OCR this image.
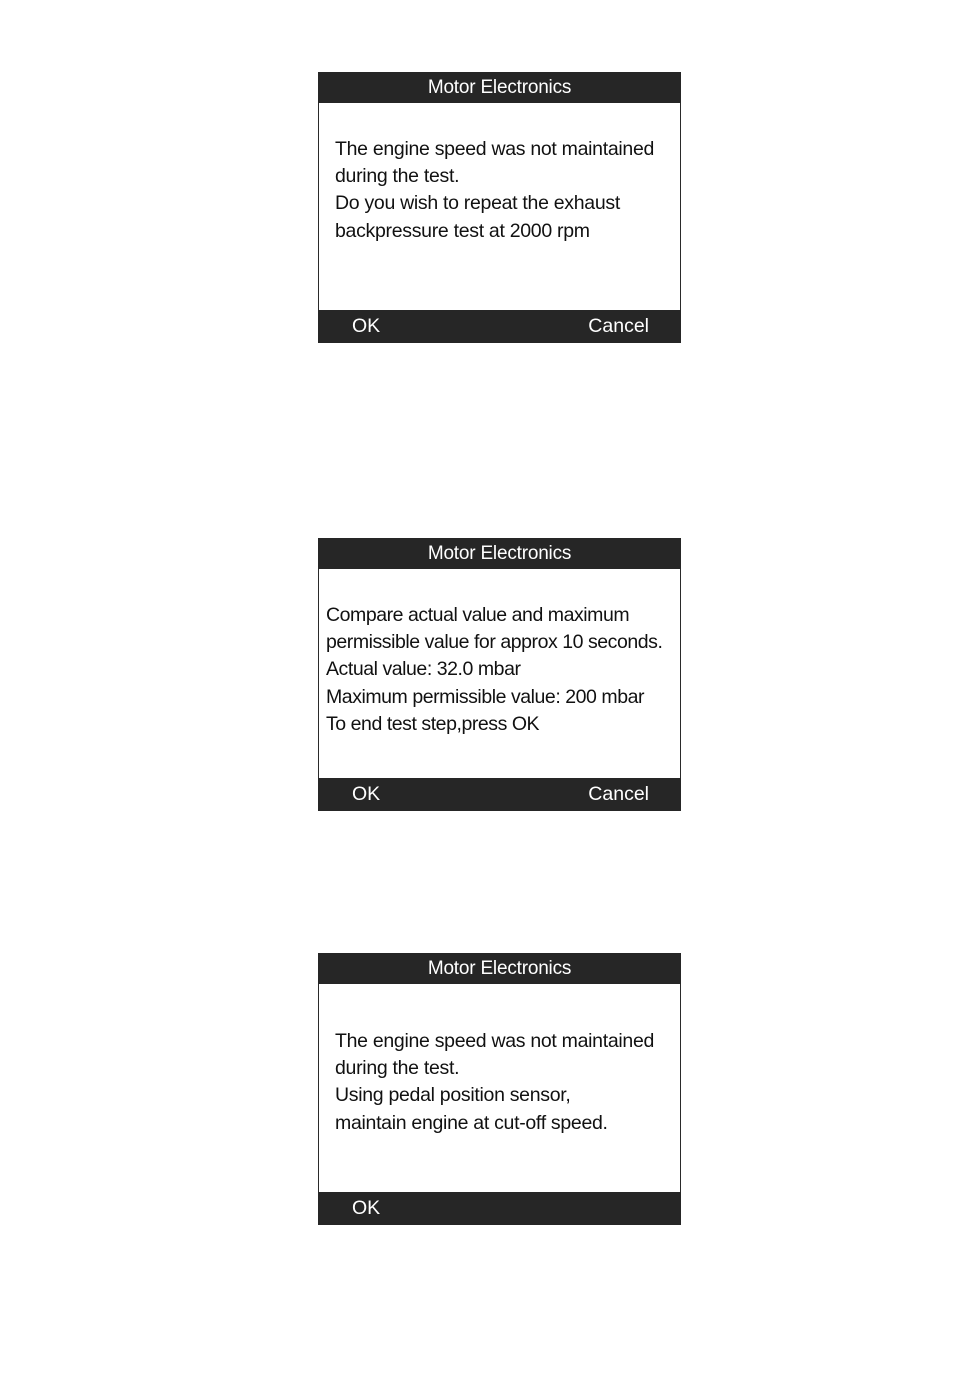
Motor Electronics
The engine speed was not maintained
during the test.
Do you wish to repeat the exhaust
backpressure test at 2000 rpm
OK	Cancel
Motor Electronics
Compare actual value and maximum
permissible value for approx 10 seconds.
Actual value: 32.0 mbar
Maximum permissible value: 200 mbar
To end test step,press OK
OK	Cancel
Motor Electronics
The engine speed was not maintained
during the test.
Using pedal position sensor,
maintain engine at cut-off speed.
OK
